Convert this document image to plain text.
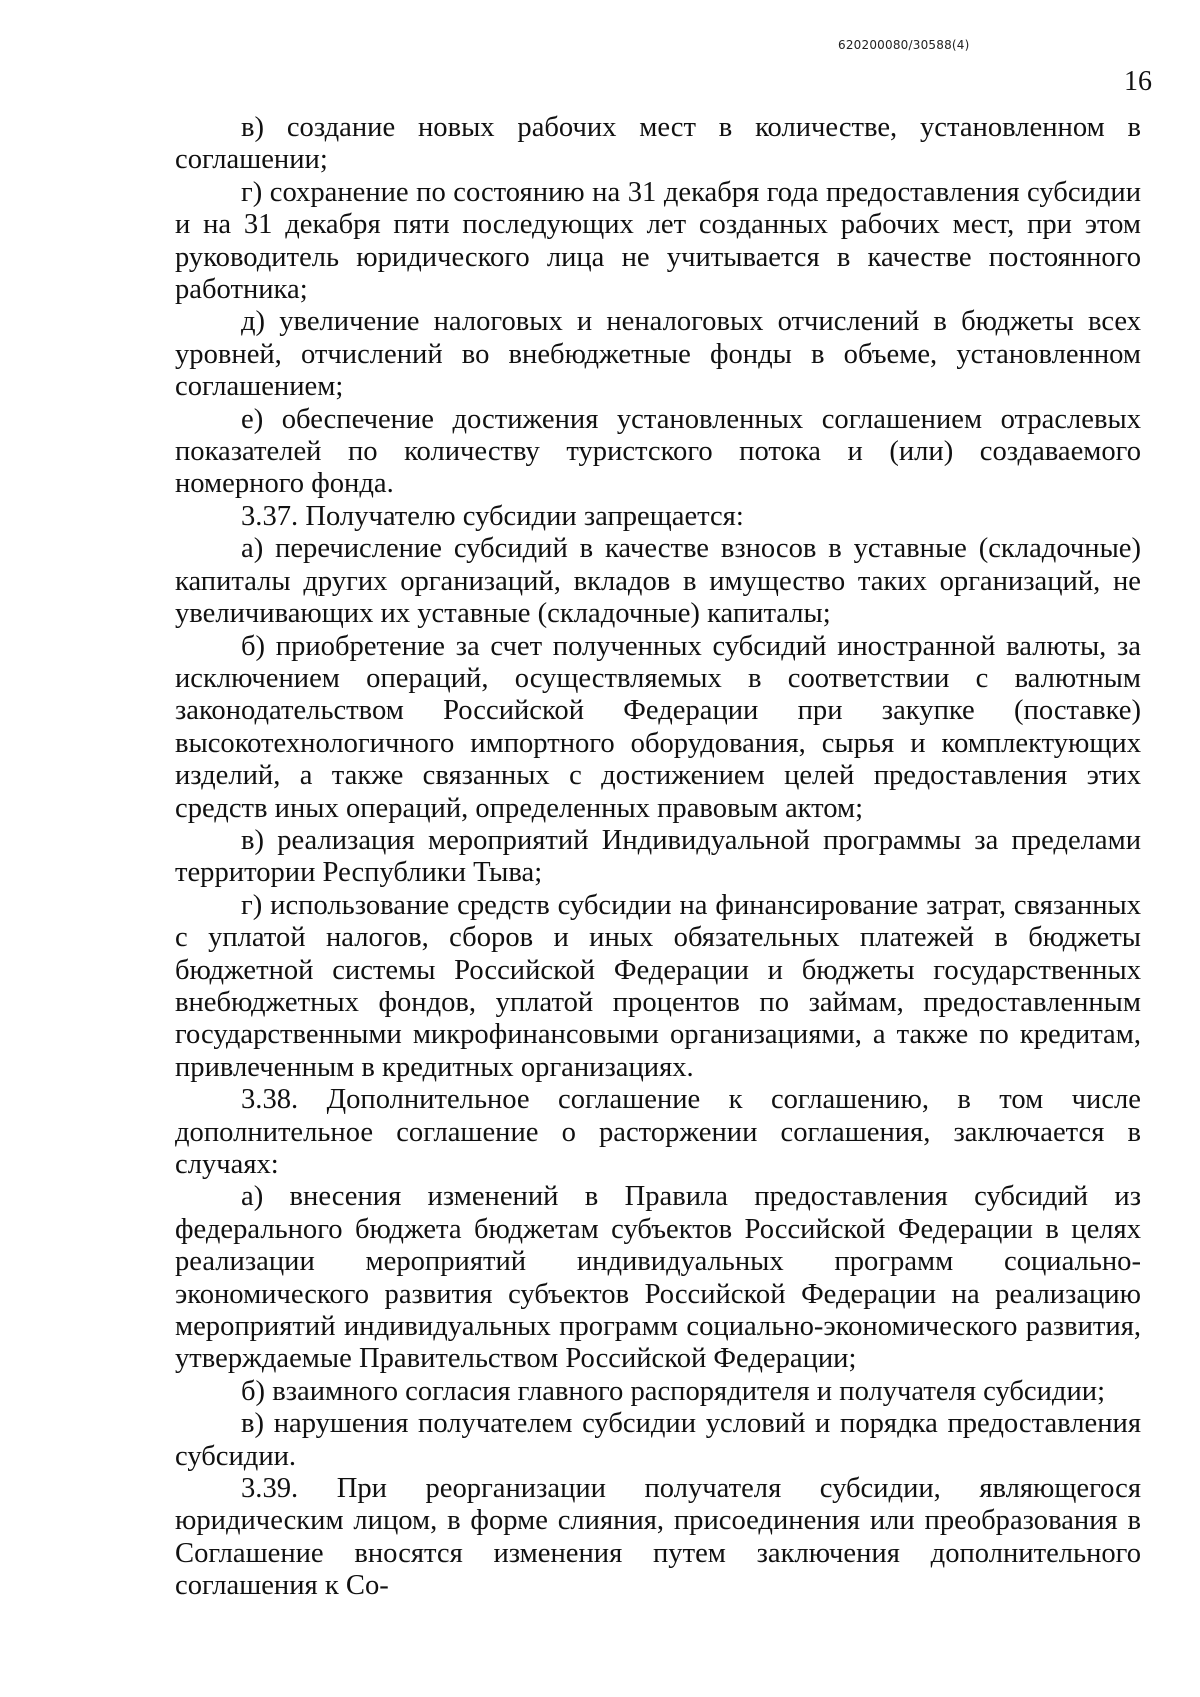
620200080/30588(4)
16

в) создание новых рабочих мест в количестве, установленном в соглашении;

г) сохранение по состоянию на 31 декабря года предоставления субсидии и на 31 декабря пяти последующих лет созданных рабочих мест, при этом руководитель юридического лица не учитывается в качестве постоянного работника;

д) увеличение налоговых и неналоговых отчислений в бюджеты всех уровней, отчислений во внебюджетные фонды в объеме, установленном соглашением;

е) обеспечение достижения установленных соглашением отраслевых показателей по количеству туристского потока и (или) создаваемого номерного фонда.

3.37. Получателю субсидии запрещается:

а) перечисление субсидий в качестве взносов в уставные (складочные) капиталы других организаций, вкладов в имущество таких организаций, не увеличивающих их уставные (складочные) капиталы;

б) приобретение за счет полученных субсидий иностранной валюты, за исключением операций, осуществляемых в соответствии с валютным законодательством Российской Федерации при закупке (поставке) высокотехнологичного импортного оборудования, сырья и комплектующих изделий, а также связанных с достижением целей предоставления этих средств иных операций, определенных правовым актом;

в) реализация мероприятий Индивидуальной программы за пределами территории Республики Тыва;

г) использование средств субсидии на финансирование затрат, связанных с уплатой налогов, сборов и иных обязательных платежей в бюджеты бюджетной системы Российской Федерации и бюджеты государственных внебюджетных фондов, уплатой процентов по займам, предоставленным государственными микрофинансовыми организациями, а также по кредитам, привлеченным в кредитных организациях.

3.38. Дополнительное соглашение к соглашению, в том числе дополнительное соглашение о расторжении соглашения, заключается в случаях:

а) внесения изменений в Правила предоставления субсидий из федерального бюджета бюджетам субъектов Российской Федерации в целях реализации мероприятий индивидуальных программ социально-экономического развития субъектов Российской Федерации на реализацию мероприятий индивидуальных программ социально-экономического развития, утверждаемые Правительством Российской Федерации;

б) взаимного согласия главного распорядителя и получателя субсидии;

в) нарушения получателем субсидии условий и порядка предоставления субсидии.

3.39. При реорганизации получателя субсидии, являющегося юридическим лицом, в форме слияния, присоединения или преобразования в Соглашение вносятся изменения путем заключения дополнительного соглашения к Со-
